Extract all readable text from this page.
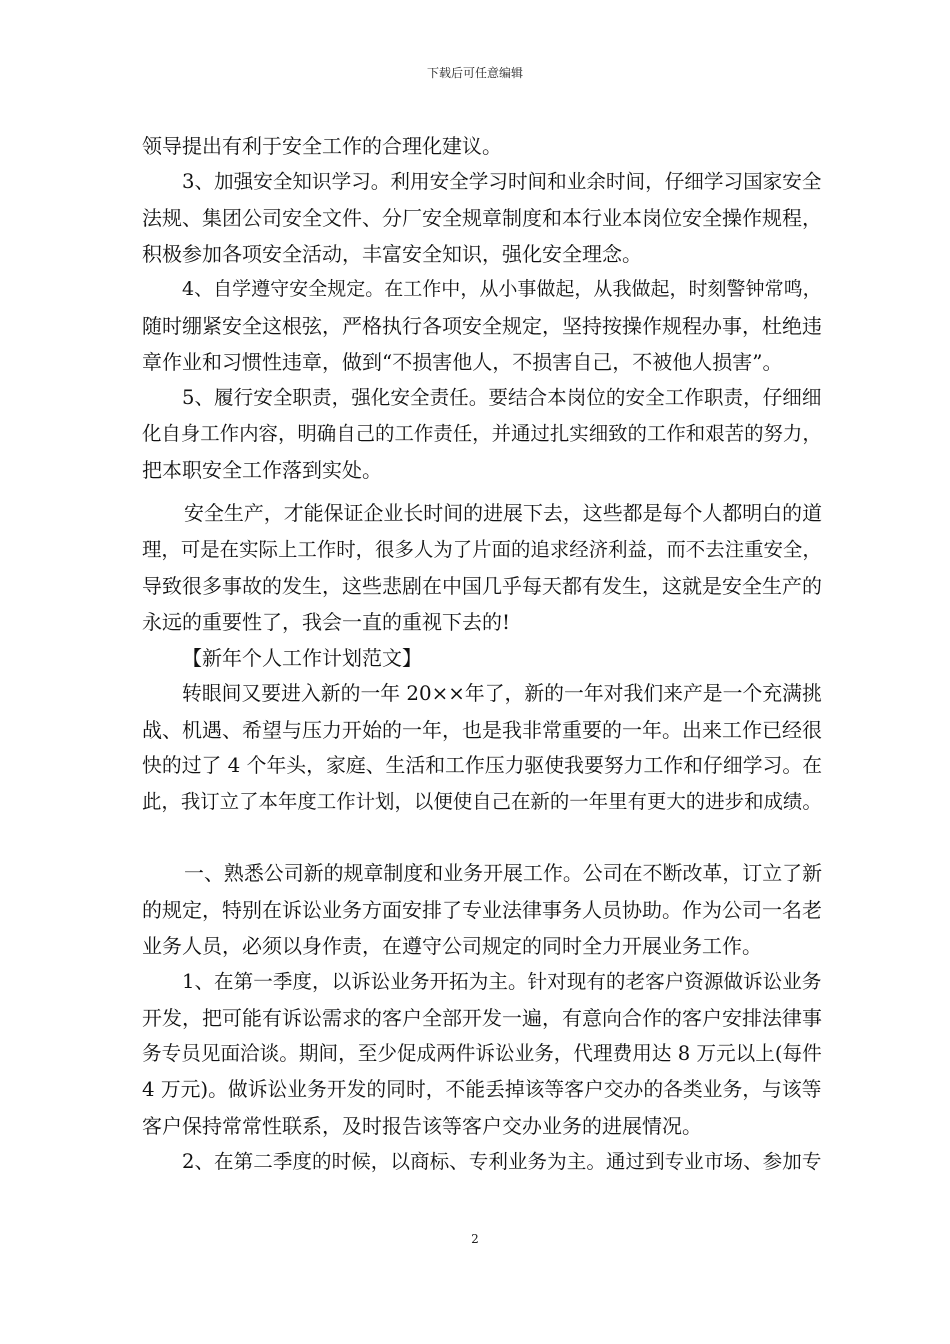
下载后可任意编辑
领导提出有利于安全工作的合理化建议。
3、加强安全知识学习。利用安全学习时间和业余时间，仔细学习国家安全
法规、集团公司安全文件、分厂安全规章制度和本行业本岗位安全操作规程，
积极参加各项安全活动，丰富安全知识，强化安全理念。
4、自学遵守安全规定。在工作中，从小事做起，从我做起，时刻警钟常鸣，
随时绷紧安全这根弦，严格执行各项安全规定，坚持按操作规程办事，杜绝违
章作业和习惯性违章，做到“不损害他人，不损害自己，不被他人损害”。
5、履行安全职责，强化安全责任。要结合本岗位的安全工作职责，仔细细
化自身工作内容，明确自己的工作责任，并通过扎实细致的工作和艰苦的努力，
把本职安全工作落到实处。
安全生产，才能保证企业长时间的进展下去，这些都是每个人都明白的道
理，可是在实际上工作时，很多人为了片面的追求经济利益，而不去注重安全，
导致很多事故的发生，这些悲剧在中国几乎每天都有发生，这就是安全生产的
永远的重要性了，我会一直的重视下去的!
【新年个人工作计划范文】
转眼间又要进入新的一年 20××年了，新的一年对我们来产是一个充满挑
战、机遇、希望与压力开始的一年，也是我非常重要的一年。出来工作已经很
快的过了 4 个年头，家庭、生活和工作压力驱使我要努力工作和仔细学习。在
此，我订立了本年度工作计划，以便使自己在新的一年里有更大的进步和成绩。
一、熟悉公司新的规章制度和业务开展工作。公司在不断改革，订立了新
的规定，特别在诉讼业务方面安排了专业法律事务人员协助。作为公司一名老
业务人员，必须以身作责，在遵守公司规定的同时全力开展业务工作。
1、在第一季度，以诉讼业务开拓为主。针对现有的老客户资源做诉讼业务
开发，把可能有诉讼需求的客户全部开发一遍，有意向合作的客户安排法律事
务专员见面洽谈。期间，至少促成两件诉讼业务，代理费用达 8 万元以上(每件
4 万元)。做诉讼业务开发的同时，不能丢掉该等客户交办的各类业务，与该等
客户保持常常性联系，及时报告该等客户交办业务的进展情况。
2、在第二季度的时候，以商标、专利业务为主。通过到专业市场、参加专
2
